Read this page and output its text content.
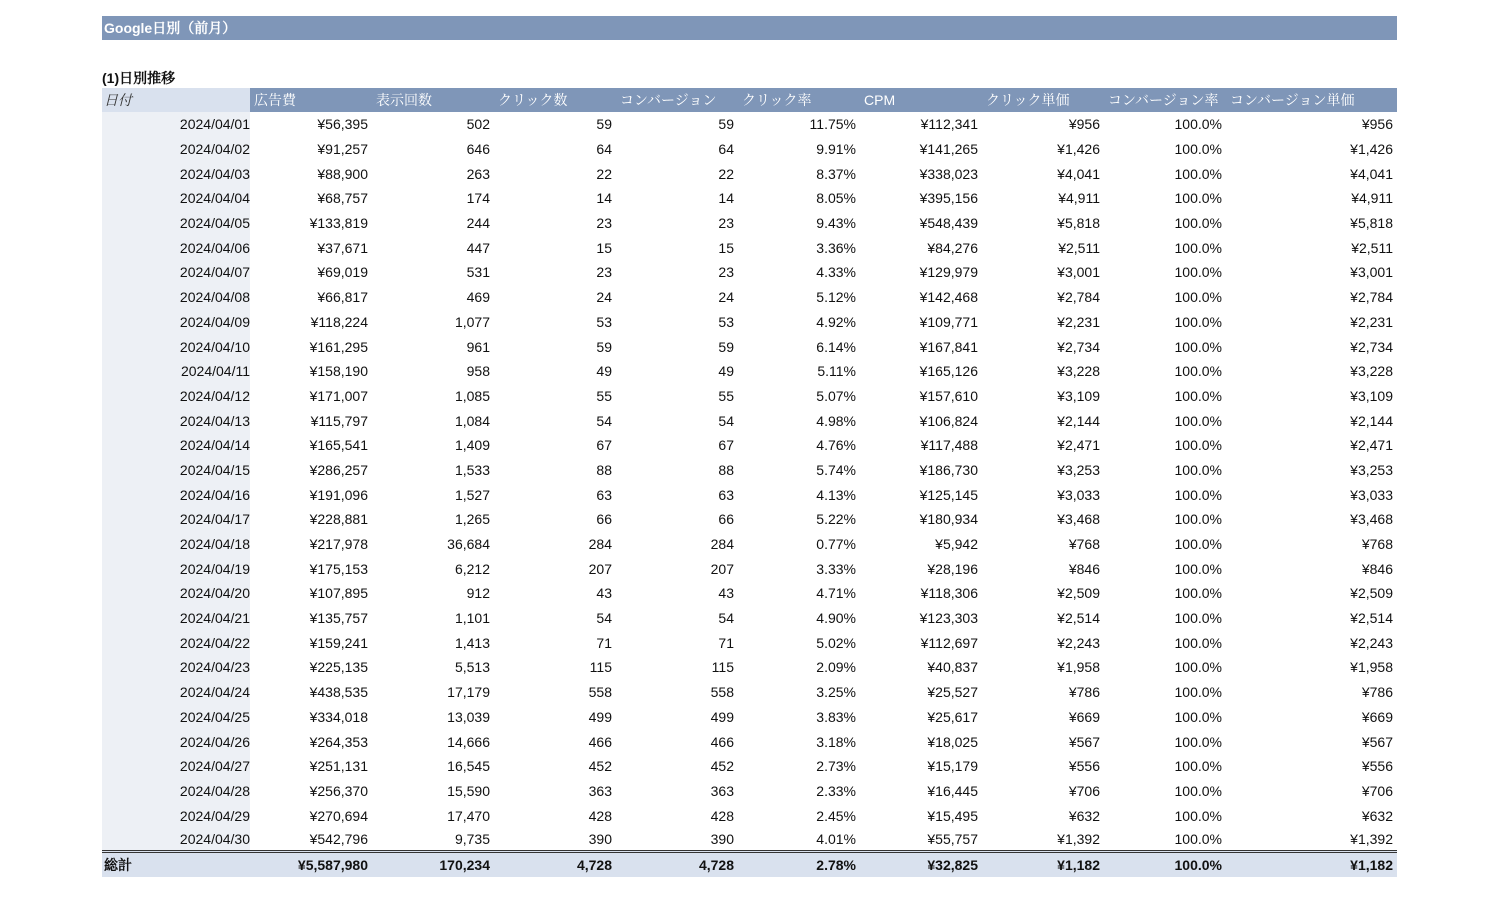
Google日別（前月）
(1)日別推移
日付	広告費	表示回数	クリック数	コンバージョン	クリック率	CPM	クリック単価	コンバージョン率	コンバージョン単価
2024/04/01	¥56,395	502	59	59	11.75%	¥112,341	¥956	100.0%	¥956
2024/04/02	¥91,257	646	64	64	9.91%	¥141,265	¥1,426	100.0%	¥1,426
2024/04/03	¥88,900	263	22	22	8.37%	¥338,023	¥4,041	100.0%	¥4,041
2024/04/04	¥68,757	174	14	14	8.05%	¥395,156	¥4,911	100.0%	¥4,911
2024/04/05	¥133,819	244	23	23	9.43%	¥548,439	¥5,818	100.0%	¥5,818
2024/04/06	¥37,671	447	15	15	3.36%	¥84,276	¥2,511	100.0%	¥2,511
2024/04/07	¥69,019	531	23	23	4.33%	¥129,979	¥3,001	100.0%	¥3,001
2024/04/08	¥66,817	469	24	24	5.12%	¥142,468	¥2,784	100.0%	¥2,784
2024/04/09	¥118,224	1,077	53	53	4.92%	¥109,771	¥2,231	100.0%	¥2,231
2024/04/10	¥161,295	961	59	59	6.14%	¥167,841	¥2,734	100.0%	¥2,734
2024/04/11	¥158,190	958	49	49	5.11%	¥165,126	¥3,228	100.0%	¥3,228
2024/04/12	¥171,007	1,085	55	55	5.07%	¥157,610	¥3,109	100.0%	¥3,109
2024/04/13	¥115,797	1,084	54	54	4.98%	¥106,824	¥2,144	100.0%	¥2,144
2024/04/14	¥165,541	1,409	67	67	4.76%	¥117,488	¥2,471	100.0%	¥2,471
2024/04/15	¥286,257	1,533	88	88	5.74%	¥186,730	¥3,253	100.0%	¥3,253
2024/04/16	¥191,096	1,527	63	63	4.13%	¥125,145	¥3,033	100.0%	¥3,033
2024/04/17	¥228,881	1,265	66	66	5.22%	¥180,934	¥3,468	100.0%	¥3,468
2024/04/18	¥217,978	36,684	284	284	0.77%	¥5,942	¥768	100.0%	¥768
2024/04/19	¥175,153	6,212	207	207	3.33%	¥28,196	¥846	100.0%	¥846
2024/04/20	¥107,895	912	43	43	4.71%	¥118,306	¥2,509	100.0%	¥2,509
2024/04/21	¥135,757	1,101	54	54	4.90%	¥123,303	¥2,514	100.0%	¥2,514
2024/04/22	¥159,241	1,413	71	71	5.02%	¥112,697	¥2,243	100.0%	¥2,243
2024/04/23	¥225,135	5,513	115	115	2.09%	¥40,837	¥1,958	100.0%	¥1,958
2024/04/24	¥438,535	17,179	558	558	3.25%	¥25,527	¥786	100.0%	¥786
2024/04/25	¥334,018	13,039	499	499	3.83%	¥25,617	¥669	100.0%	¥669
2024/04/26	¥264,353	14,666	466	466	3.18%	¥18,025	¥567	100.0%	¥567
2024/04/27	¥251,131	16,545	452	452	2.73%	¥15,179	¥556	100.0%	¥556
2024/04/28	¥256,370	15,590	363	363	2.33%	¥16,445	¥706	100.0%	¥706
2024/04/29	¥270,694	17,470	428	428	2.45%	¥15,495	¥632	100.0%	¥632
2024/04/30	¥542,796	9,735	390	390	4.01%	¥55,757	¥1,392	100.0%	¥1,392
総計	¥5,587,980	170,234	4,728	4,728	2.78%	¥32,825	¥1,182	100.0%	¥1,182
